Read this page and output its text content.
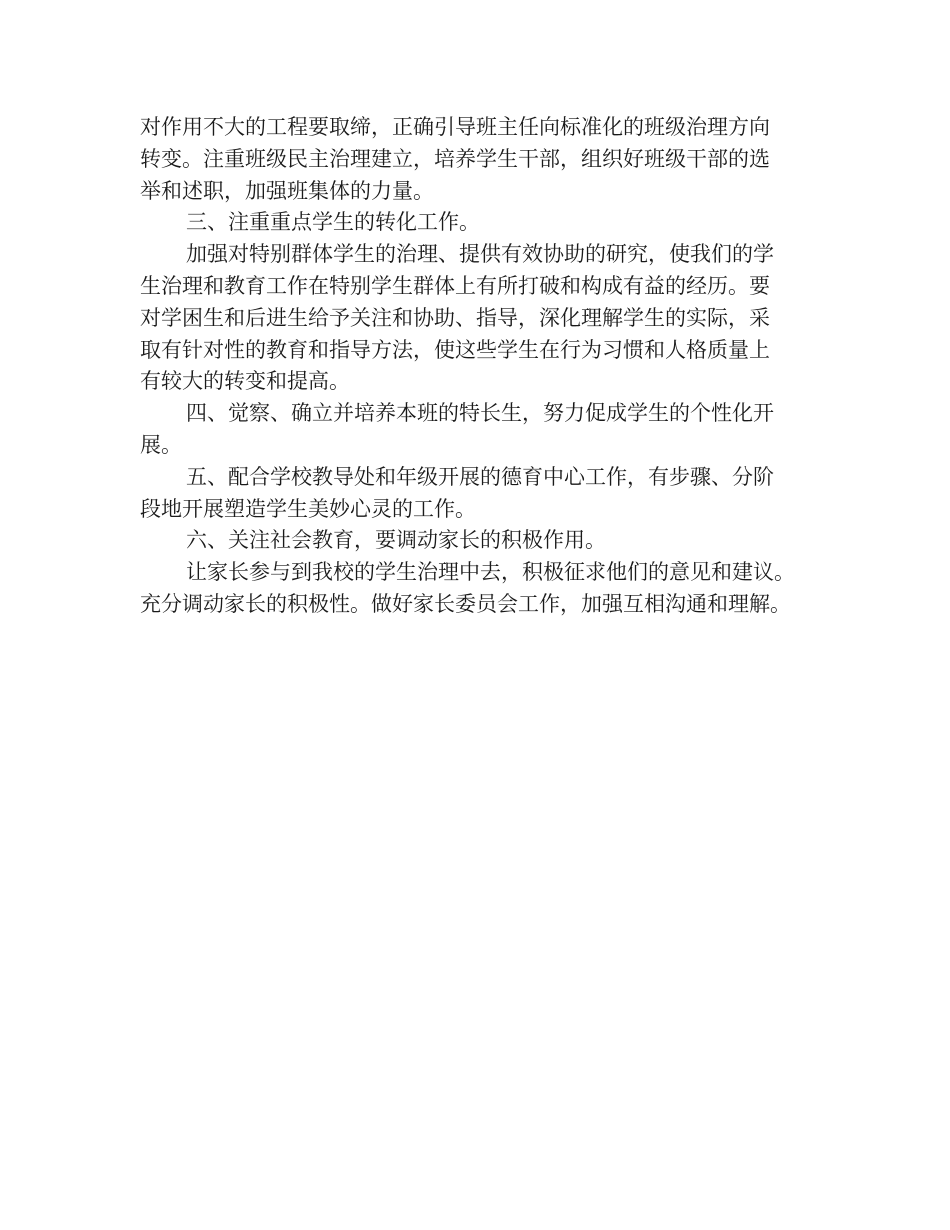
对作用不大的工程要取缔，正确引导班主任向标准化的班级治理方向
转变。注重班级民主治理建立，培养学生干部，组织好班级干部的选
举和述职，加强班集体的力量。

三、注重重点学生的转化工作。

加强对特别群体学生的治理、提供有效协助的研究，使我们的学
生治理和教育工作在特别学生群体上有所打破和构成有益的经历。要
对学困生和后进生给予关注和协助、指导，深化理解学生的实际，采
取有针对性的教育和指导方法，使这些学生在行为习惯和人格质量上
有较大的转变和提高。

四、觉察、确立并培养本班的特长生，努力促成学生的个性化开
展。

五、配合学校教导处和年级开展的德育中心工作，有步骤、分阶
段地开展塑造学生美妙心灵的工作。

六、关注社会教育，要调动家长的积极作用。

让家长参与到我校的学生治理中去，积极征求他们的意见和建议。
充分调动家长的积极性。做好家长委员会工作，加强互相沟通和理解。
